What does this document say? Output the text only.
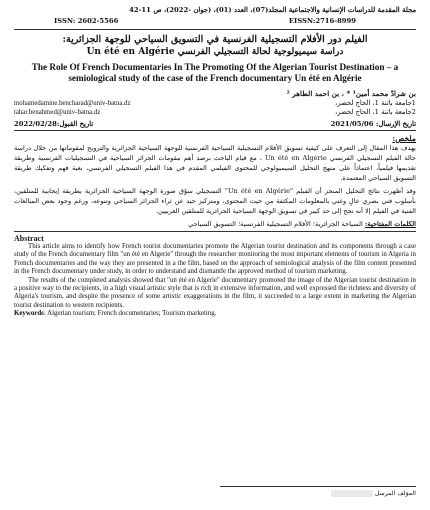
مجلة المقدمة للدراسات الإنسانية والاجتماعية المجلد(07)، العدد (01)، (جوان -2022)، ص 11-42
ISSN: 2602-5566	EISSN:2716-8999
الفيلم دور الأفلام التسجيلية الفرنسية في التسويق السياحي للوجهة الجزائرية:
دراسة سيميولوجية لحالة التسجيلي الفرنسي Un été en Algérie
The Role Of French Documentaries In The Promoting Of the Algerian Tourist Destination – a semiological study of the case of the French documentary Un été en Algérie
بن شرادّ محمد أمين¹ * ، بن احمد الطاهر ²
mohamedamine.bencharad@univ-batna.dz	1جامعة باتنة 1، الحاج لخضر،
tahar.benahmed@univ-batna.dz	2جامعة باتنة 1، الحاج لخضر،
تاريخ الإرسال: 2021/05/06
تاريخ القبول:2022/02/28
ملخص:
يهدف هذا المقال إلى التعرف على كيفية تسويق الأفلام التسجيلية السياحية الفرنسية للوجهة السياحية الجزائرية والترويج لمقوماتها من خلال دراسة حالة الفيلم التسجيلي الفرنسي Un été en Algérie ، مع قيام الباحث برصد أهم مقومات الجزائر السياحية في التسجيليات الفرنسية وطريقة تقديمها فيلمياً، اعتماداً على منهج التحليل السيميولوجي للمحتوى الفيلمي المقدم في هذا الفيلم التسجيلي الفرنسي، بغية فهم وتفكيك طريقة التسويق السياحي المعتمدة.
وقد أظهرت نتائج التحليل المنجز أن الفيلم "Un été en Algérie" التسجيلي سوّق صورة الوجهة السياحية الجزائرية بطريقة إيجابية للمتلقين، بأسلوب فني بصري عالٍ وغني بالمعلومات المكثفة من حيث المحتوى، ومتركيز جيد عن ثراء الجزائر السياحي وتنوعه، ورغم وجود بعض المبالغات الفنية في الفيلم إلا أنه نجح إلى حد كبير في تسويق الوجهة السياحية الجزائرية للمتلقين الغربيين.
الكلمات المفتاحية: السياحة الجزائرية؛ الأفلام التسجيلية الفرنسية؛ التسويق السياحي
Abstract
This article aims to identify how French tourist documentaries promote the Algerian tourist destination and its components through a case study of the French documentary film "un été en Algerie" through the researcher monitoring the most important elements of tourism in Algeria in French documentaries and the way they are presented in a the film, based on the approach of semiological analysis of the film content presented in the French documentary under study, in order to understand and dismantle the approved method of tourism marketing.
The results of the completed analysis showed that "un été en Algerie" documentary promoted the image of the Algerian tourist destination in a positive way to the recipients, in a high visual artistic style that is rich in extensive information, and well expressed the richness and diversity of Algeria's tourism, and despite the presence of some artistic exaggerations in the film, it succeeded to a large extent in marketing the Algerian tourist destination to western recipients.
Keywords: Algerian tourism; French documentaries; Tourism marketing.
المؤلف المرسل
